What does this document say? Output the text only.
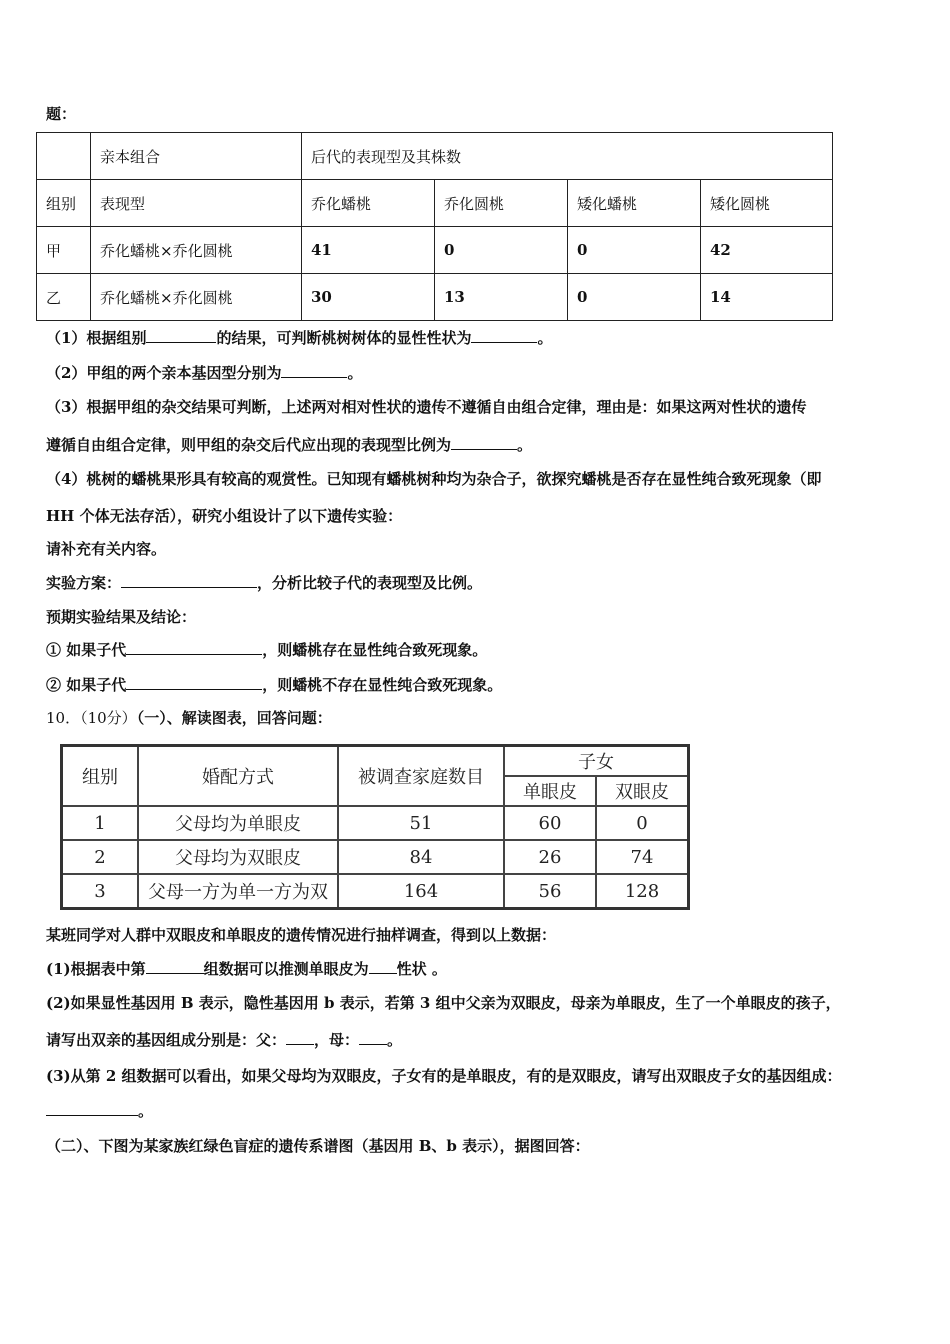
题：
	亲本组合	后代的表现型及其株数			
组别	表现型	乔化蟠桃	乔化圆桃	矮化蟠桃	矮化圆桃
甲	乔化蟠桃×乔化圆桃	41	0	0	42
乙	乔化蟠桃×乔化圆桃	30	13	0	14
（1）根据组别	的结果，可判断桃树树体的显性性状为	。
（2）甲组的两个亲本基因型分别为	。
（3）根据甲组的杂交结果可判断，上述两对相对性状的遗传不遵循自由组合定律，理由是：如果这两对性状的遗传
遵循自由组合定律，则甲组的杂交后代应出现的表现型比例为	。
（4）桃树的蟠桃果形具有较高的观赏性。已知现有蟠桃树种均为杂合子，欲探究蟠桃是否存在显性纯合致死现象（即
HH 个体无法存活），研究小组设计了以下遗传实验：
请补充有关内容。
实验方案：	，分析比较子代的表现型及比例。
预期实验结果及结论：
① 如果子代	，则蟠桃存在显性纯合致死现象。
② 如果子代	，则蟠桃不存在显性纯合致死现象。
10．（10分）（一）、解读图表，回答问题：
组别	婚配方式	被调查家庭数目	子女	
			单眼皮	双眼皮
1	父母均为单眼皮	51	60	0
2	父母均为双眼皮	84	26	74
3	父母一方为单一方为双	164	56	128
某班同学对人群中双眼皮和单眼皮的遗传情况进行抽样调查，得到以上数据：
(1)根据表中第	组数据可以推测单眼皮为 性状 。
(2)如果显性基因用 B 表示，隐性基因用 b 表示，若第 3 组中父亲为双眼皮，母亲为单眼皮，生了一个单眼皮的孩子，
请写出双亲的基因组成分别是：父： ，母： 。
(3)从第 2 组数据可以看出，如果父母均为双眼皮，子女有的是单眼皮，有的是双眼皮，请写出双眼皮子女的基因组成：
。
（二）、下图为某家族红绿色盲症的遗传系谱图（基因用 B、b 表示），据图回答：
